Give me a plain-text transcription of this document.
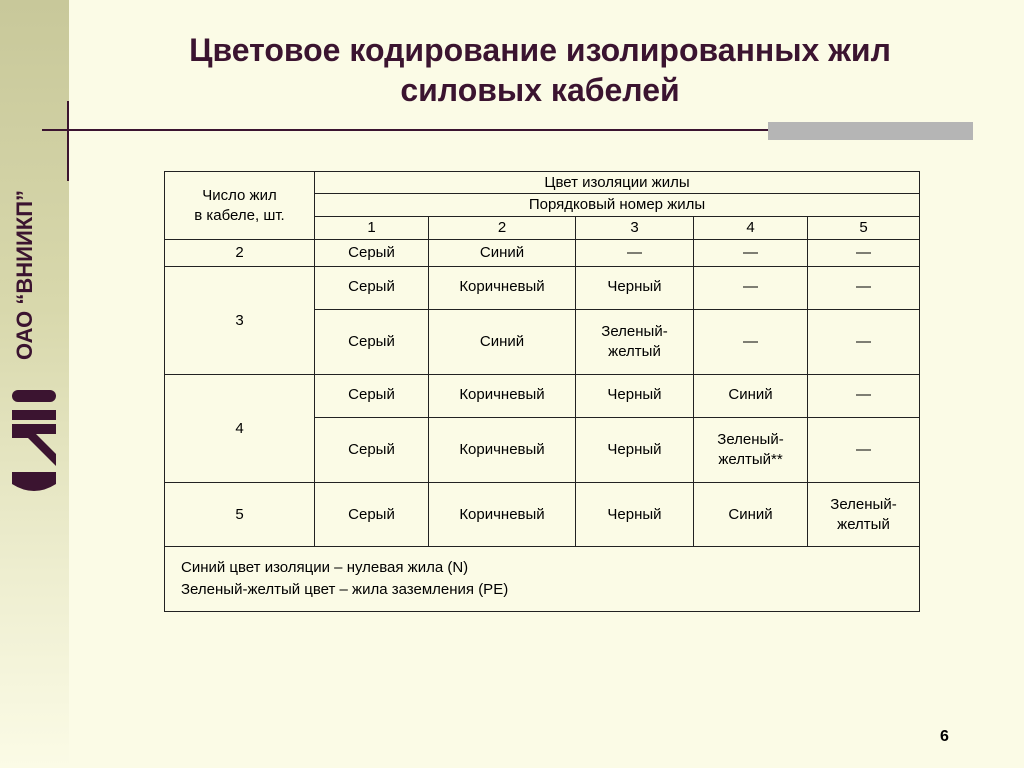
ОАО “ВНИИКП”
Цветовое кодирование изолированных жил
силовых кабелей
Число жил
в кабеле, шт.	Цвет изоляции жилы				
	Порядковый номер жилы				
	1	2	3	4	5
2	Серый	Синий	—	—	—
3	Серый	Коричневый	Черный	—	—
	Серый	Синий	Зеленый-желтый	—	—
4	Серый	Коричневый	Черный	Синий	—
	Серый	Коричневый	Черный	Зеленый-желтый**	—
5	Серый	Коричневый	Черный	Синий	Зеленый-желтый

Синий цвет изоляции – нулевая жила (N)
Зеленый-желтый цвет – жила заземления (PE)					
6
